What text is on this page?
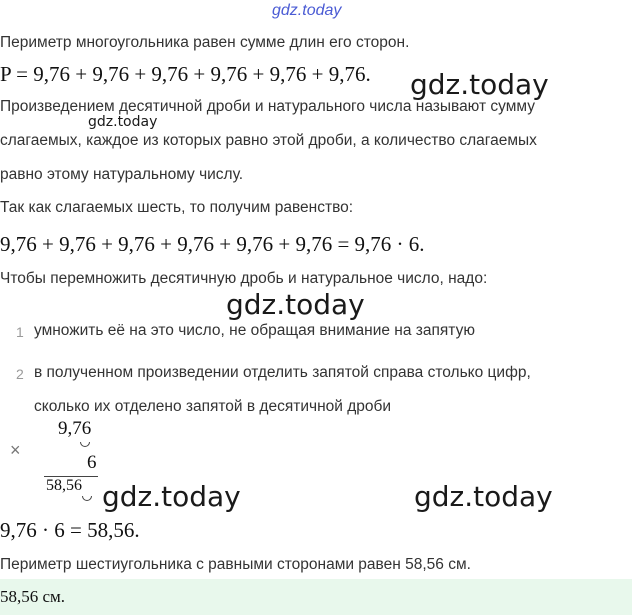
gdz.today
Периметр многоугольника равен сумме длин его сторон.
P = 9,76 + 9,76 + 9,76 + 9,76 + 9,76 + 9,76. gdz.today
Произведением десятичной дроби и натурального числа называют сумму
gdz.today
слагаемых, каждое из которых равно этой дроби, а количество слагаемых
равно этому натуральному числу.
Так как слагаемых шесть, то получим равенство:
9,76 + 9,76 + 9,76 + 9,76 + 9,76 + 9,76 = 9,76 · 6.
Чтобы перемножить десятичную дробь и натуральное число, надо:
gdz.today
1 умножить её на это число, не обращая внимание на запятую
2 в полученном произведении отделить запятой справа столько цифр,
сколько их отделено запятой в десятичной дроби
×
9,76
6
58,56 gdz.today	gdz.today
9,76 · 6 = 58,56.
Периметр шестиугольника с равными сторонами равен 58,56 см.
58,56 см.
